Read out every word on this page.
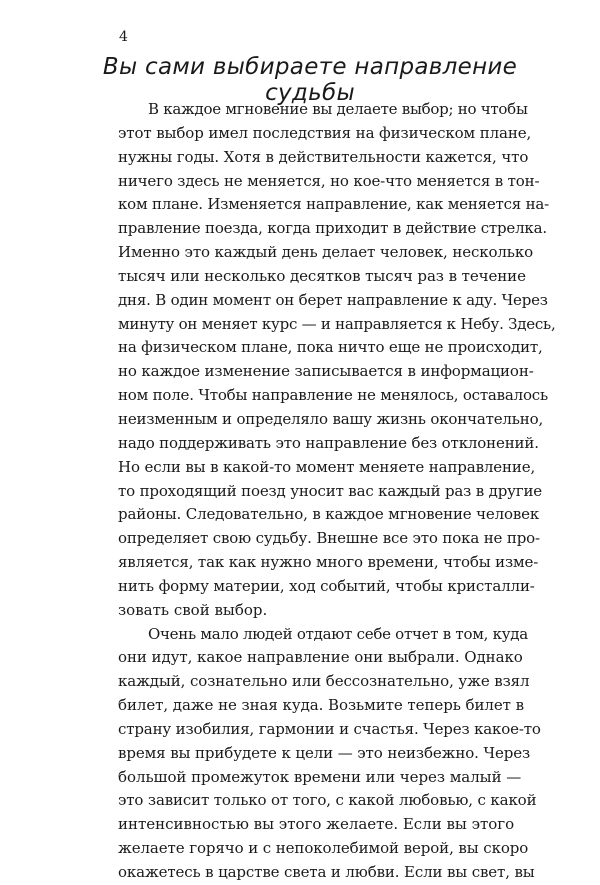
4
Вы сами выбираете направление судьбы

В каждое мгновение вы делаете выбор; но чтобы
этот выбор имел последствия на физическом плане,
нужны годы. Хотя в действительности кажется, что
ничего здесь не меняется, но кое-что меняется в тон-
ком плане. Изменяется направление, как меняется на-
правление поезда, когда приходит в действие стрелка.
Именно это каждый день делает человек, несколько
тысяч или несколько десятков тысяч раз в течение
дня. В один момент он берет направление к аду. Через
минуту он меняет курс — и направляется к Небу. Здесь,
на физическом плане, пока ничто еще не происходит,
но каждое изменение записывается в информацион-
ном поле. Чтобы направление не менялось, оставалось
неизменным и определяло вашу жизнь окончательно,
надо поддерживать это направление без отклонений.
Но если вы в какой-то момент меняете направление,
то проходящий поезд уносит вас каждый раз в другие
районы. Следовательно, в каждое мгновение человек
определяет свою судьбу. Внешне все это пока не про-
является, так как нужно много времени, чтобы изме-
нить форму материи, ход событий, чтобы кристалли-
зовать свой выбор.

Очень мало людей отдают себе отчет в том, куда
они идут, какое направление они выбрали. Однако
каждый, сознательно или бессознательно, уже взял
билет, даже не зная куда. Возьмите теперь билет в
страну изобилия, гармонии и счастья. Через какое-то
время вы прибудете к цели — это неизбежно. Через
большой промежуток времени или через малый —
это зависит только от того, с какой любовью, с какой
интенсивностью вы этого желаете. Если вы этого
желаете горячо и с непоколебимой верой, вы скоро
окажетесь в царстве света и любви. Если вы свет, вы
